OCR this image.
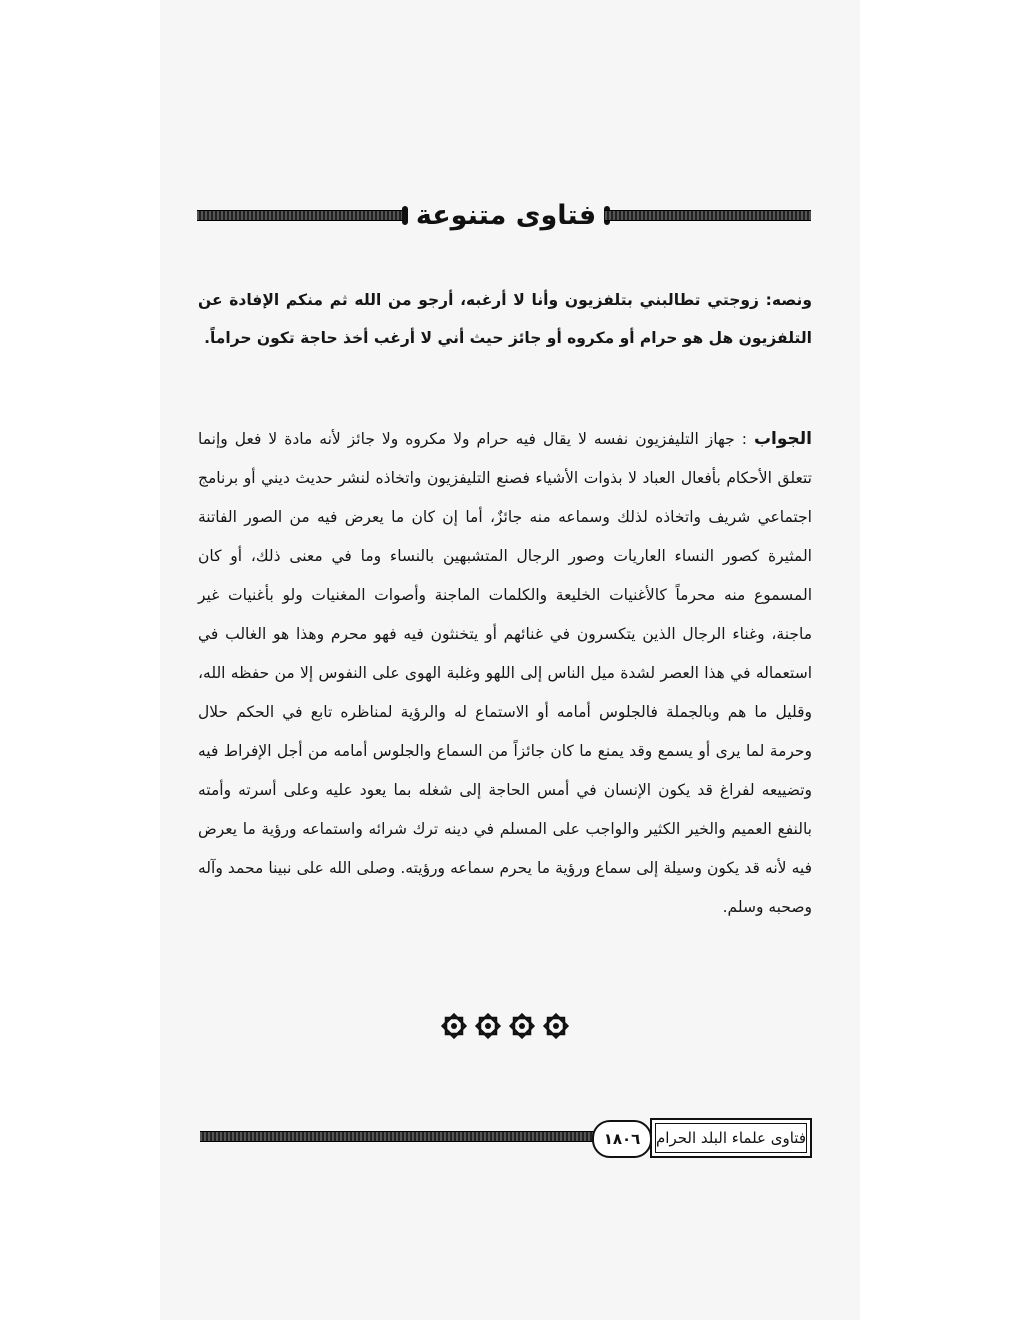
فتاوى متنوعة
ونصه: زوجتي تطالبني بتلفزيون وأنا لا أرغبه، أرجو من الله ثم منكم الإفادة عن التلفزيون هل هو حرام أو مكروه أو جائز حيث أني لا أرغب أخذ حاجة تكون حراماً.
الجواب : جهاز التليفزيون نفسه لا يقال فيه حرام ولا مكروه ولا جائز لأنه مادة لا فعل وإنما تتعلق الأحكام بأفعال العباد لا بذوات الأشياء فصنع التليفزيون واتخاذه لنشر حديث ديني أو برنامج اجتماعي شريف واتخاذه لذلك وسماعه منه جائزٌ، أما إن كان ما يعرض فيه من الصور الفاتنة المثيرة كصور النساء العاريات وصور الرجال المتشبهين بالنساء وما في معنى ذلك، أو كان المسموع منه محرماً كالأغنيات الخليعة والكلمات الماجنة وأصوات المغنيات ولو بأغنيات غير ماجنة، وغناء الرجال الذين يتكسرون في غنائهم أو يتخنثون فيه فهو محرم وهذا هو الغالب في استعماله في هذا العصر لشدة ميل الناس إلى اللهو وغلبة الهوى على النفوس إلا من حفظه الله، وقليل ما هم وبالجملة فالجلوس أمامه أو الاستماع له والرؤية لمناظره تابع في الحكم حلال وحرمة لما يرى أو يسمع وقد يمنع ما كان جائزاً من السماع والجلوس أمامه من أجل الإفراط فيه وتضييعه لفراغ قد يكون الإنسان في أمس الحاجة إلى شغله بما يعود عليه وعلى أسرته وأمته بالنفع العميم والخير الكثير والواجب على المسلم في دينه ترك شرائه واستماعه ورؤية ما يعرض فيه لأنه قد يكون وسيلة إلى سماع ورؤية ما يحرم سماعه ورؤيته. وصلى الله على نبينا محمد وآله وصحبه وسلم.
١٨٠٦	فتاوى علماء البلد الحرام
